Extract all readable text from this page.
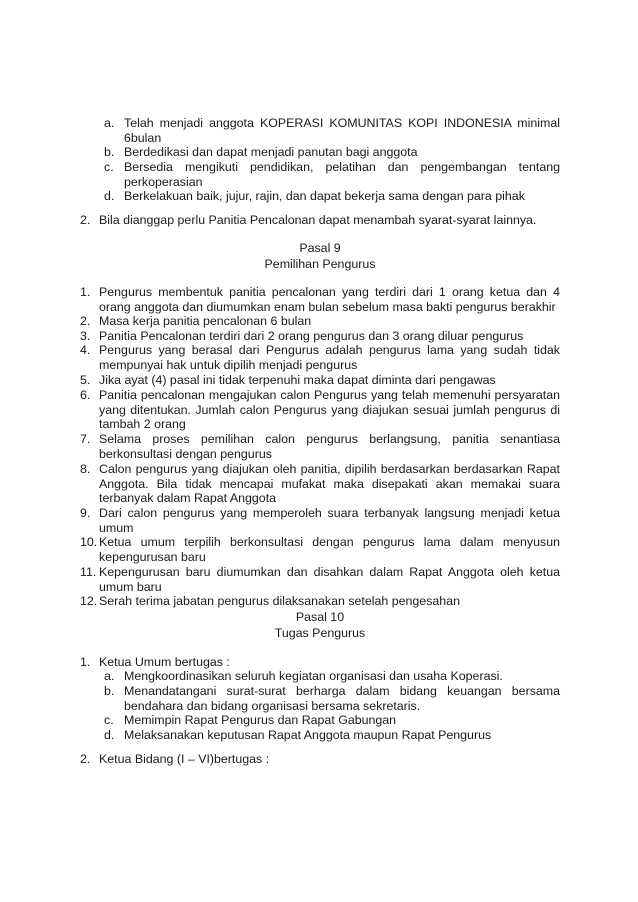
a. Telah menjadi anggota KOPERASI KOMUNITAS KOPI INDONESIA minimal 6bulan
b. Berdedikasi dan dapat menjadi panutan bagi anggota
c. Bersedia mengikuti pendidikan, pelatihan dan pengembangan tentang perkoperasian
d. Berkelakuan baik, jujur, rajin, dan dapat bekerja sama dengan para pihak
2. Bila dianggap perlu Panitia Pencalonan dapat menambah syarat-syarat lainnya.
Pasal 9
Pemilihan Pengurus
1. Pengurus membentuk panitia pencalonan yang terdiri dari 1 orang ketua dan 4 orang anggota dan diumumkan enam bulan sebelum masa bakti pengurus berakhir
2. Masa kerja panitia pencalonan 6 bulan
3. Panitia Pencalonan terdiri dari 2 orang pengurus dan 3 orang diluar pengurus
4. Pengurus yang berasal dari Pengurus adalah pengurus lama yang sudah tidak mempunyai hak untuk dipilih menjadi pengurus
5. Jika ayat (4) pasal ini tidak terpenuhi maka dapat diminta dari pengawas
6. Panitia pencalonan mengajukan calon Pengurus yang telah memenuhi persyaratan yang ditentukan. Jumlah calon Pengurus yang diajukan sesuai jumlah pengurus di tambah 2 orang
7. Selama proses pemilihan calon pengurus berlangsung, panitia senantiasa berkonsultasi dengan pengurus
8. Calon pengurus yang diajukan oleh panitia, dipilih berdasarkan berdasarkan Rapat Anggota. Bila tidak mencapai mufakat maka disepakati akan memakai suara terbanyak dalam Rapat Anggota
9. Dari calon pengurus yang memperoleh suara terbanyak langsung menjadi ketua umum
10. Ketua umum terpilih berkonsultasi dengan pengurus lama dalam menyusun kepengurusan baru
11. Kepengurusan baru diumumkan dan disahkan dalam Rapat Anggota oleh ketua umum baru
12. Serah terima jabatan pengurus dilaksanakan setelah pengesahan
Pasal 10
Tugas Pengurus
1. Ketua Umum bertugas :
a. Mengkoordinasikan seluruh kegiatan organisasi dan usaha Koperasi.
b. Menandatangani surat-surat berharga dalam bidang keuangan bersama bendahara dan bidang organisasi bersama sekretaris.
c. Memimpin Rapat Pengurus dan Rapat Gabungan
d. Melaksanakan keputusan Rapat Anggota maupun Rapat Pengurus
2. Ketua Bidang (I – VI)bertugas :
